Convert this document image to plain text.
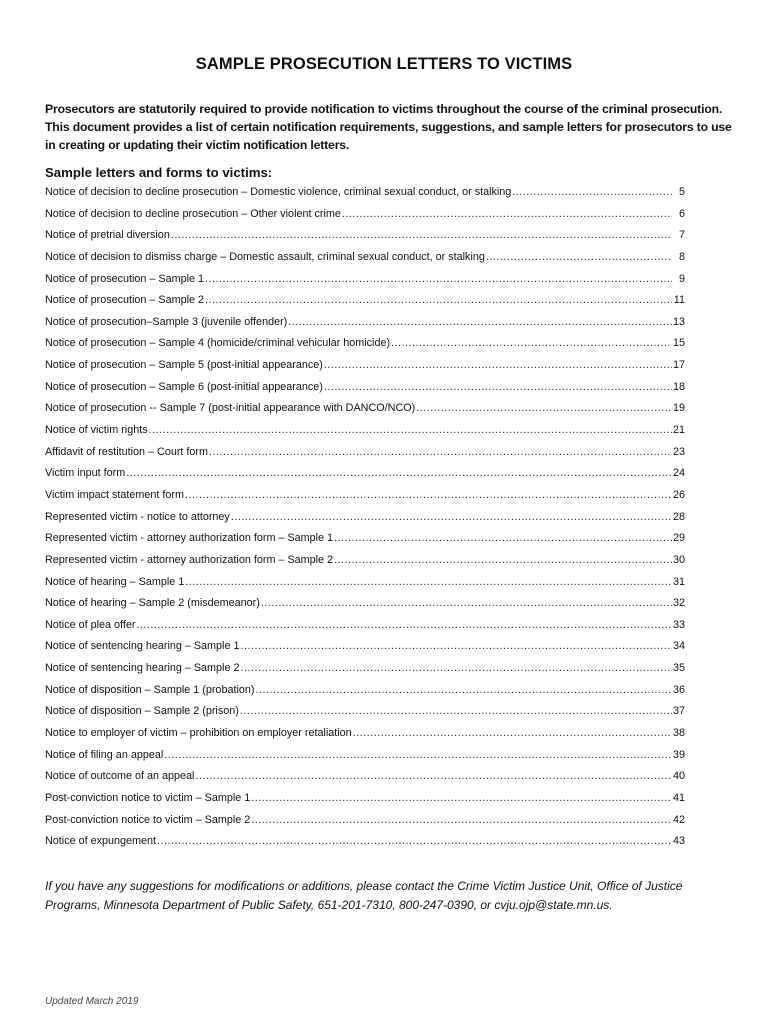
SAMPLE PROSECUTION LETTERS TO VICTIMS
Prosecutors are statutorily required to provide notification to victims throughout the course of the criminal prosecution. This document provides a list of certain notification requirements, suggestions, and sample letters for prosecutors to use in creating or updating their victim notification letters.
Sample letters and forms to victims:
Notice of decision to decline prosecution – Domestic violence, criminal sexual conduct, or stalking .....	5
Notice of decision to decline prosecution – Other violent crime .....	6
Notice of pretrial diversion .....	7
Notice of decision to dismiss charge – Domestic assault, criminal sexual conduct, or stalking .....	8
Notice of prosecution – Sample 1 .....	9
Notice of prosecution – Sample 2 .....	11
Notice of prosecution–Sample 3 (juvenile offender) .....	13
Notice of prosecution – Sample 4 (homicide/criminal vehicular homicide) .....	15
Notice of prosecution – Sample 5 (post-initial appearance) .....	17
Notice of prosecution – Sample 6 (post-initial appearance) .....	18
Notice of prosecution -- Sample 7 (post-initial appearance with DANCO/NCO) .....	19
Notice of victim rights .....	21
Affidavit of restitution – Court form .....	23
Victim input form .....	24
Victim impact statement form .....	26
Represented victim - notice to attorney .....	28
Represented victim - attorney authorization form – Sample 1 .....	29
Represented victim - attorney authorization form – Sample 2 .....	30
Notice of hearing – Sample 1 .....	31
Notice of hearing – Sample 2 (misdemeanor) .....	32
Notice of plea offer .....	33
Notice of sentencing hearing – Sample 1 .....	34
Notice of sentencing hearing – Sample 2 .....	35
Notice of disposition – Sample 1 (probation) .....	36
Notice of disposition – Sample 2 (prison) .....	37
Notice to employer of victim – prohibition on employer retaliation .....	38
Notice of filing an appeal .....	39
Notice of outcome of an appeal .....	40
Post-conviction notice to victim – Sample 1 .....	41
Post-conviction notice to victim – Sample 2 .....	42
Notice of expungement .....	43
If you have any suggestions for modifications or additions, please contact the Crime Victim Justice Unit, Office of Justice Programs, Minnesota Department of Public Safety, 651-201-7310, 800-247-0390, or cvju.ojp@state.mn.us.
Updated March 2019
